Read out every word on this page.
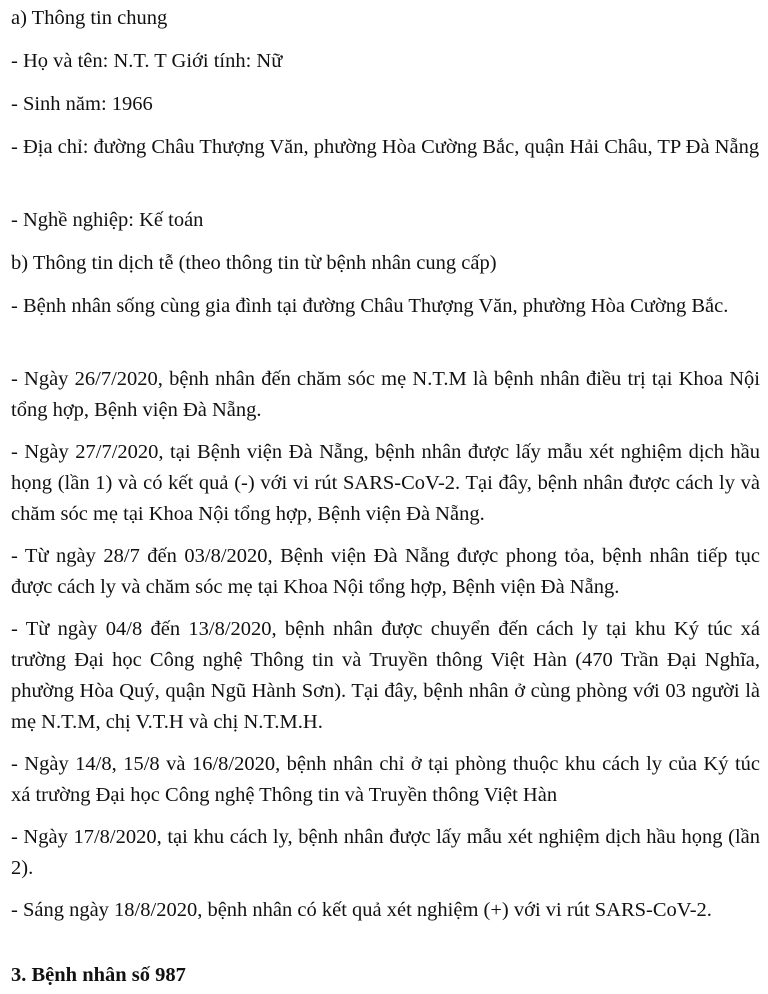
a) Thông tin chung

- Họ và tên: N.T. T Giới tính: Nữ

- Sinh năm: 1966

- Địa chỉ: đường Châu Thượng Văn, phường Hòa Cường Bắc, quận Hải Châu, TP Đà Nẵng

- Nghề nghiệp: Kế toán

b) Thông tin dịch tễ (theo thông tin từ bệnh nhân cung cấp)

- Bệnh nhân sống cùng gia đình tại đường Châu Thượng Văn, phường Hòa Cường Bắc.

- Ngày 26/7/2020, bệnh nhân đến chăm sóc mẹ N.T.M là bệnh nhân điều trị tại Khoa Nội tổng hợp, Bệnh viện Đà Nẵng.

- Ngày 27/7/2020, tại Bệnh viện Đà Nẵng, bệnh nhân được lấy mẫu xét nghiệm dịch hầu họng (lần 1) và có kết quả (-) với vi rút SARS-CoV-2. Tại đây, bệnh nhân được cách ly và chăm sóc mẹ tại Khoa Nội tổng hợp, Bệnh viện Đà Nẵng.

- Từ ngày 28/7 đến 03/8/2020, Bệnh viện Đà Nẵng được phong tỏa, bệnh nhân tiếp tục được cách ly và chăm sóc mẹ tại Khoa Nội tổng hợp, Bệnh viện Đà Nẵng.

- Từ ngày 04/8 đến 13/8/2020, bệnh nhân được chuyển đến cách ly tại khu Ký túc xá trường Đại học Công nghệ Thông tin và Truyền thông Việt Hàn (470 Trần Đại Nghĩa, phường Hòa Quý, quận Ngũ Hành Sơn). Tại đây, bệnh nhân ở cùng phòng với 03 người là mẹ N.T.M, chị V.T.H và chị N.T.M.H.

- Ngày 14/8, 15/8 và 16/8/2020, bệnh nhân chỉ ở tại phòng thuộc khu cách ly của Ký túc xá trường Đại học Công nghệ Thông tin và Truyền thông Việt Hàn

- Ngày 17/8/2020, tại khu cách ly, bệnh nhân được lấy mẫu xét nghiệm dịch hầu họng (lần 2).

- Sáng ngày 18/8/2020, bệnh nhân có kết quả xét nghiệm (+) với vi rút SARS-CoV-2.

3. Bệnh nhân số 987
